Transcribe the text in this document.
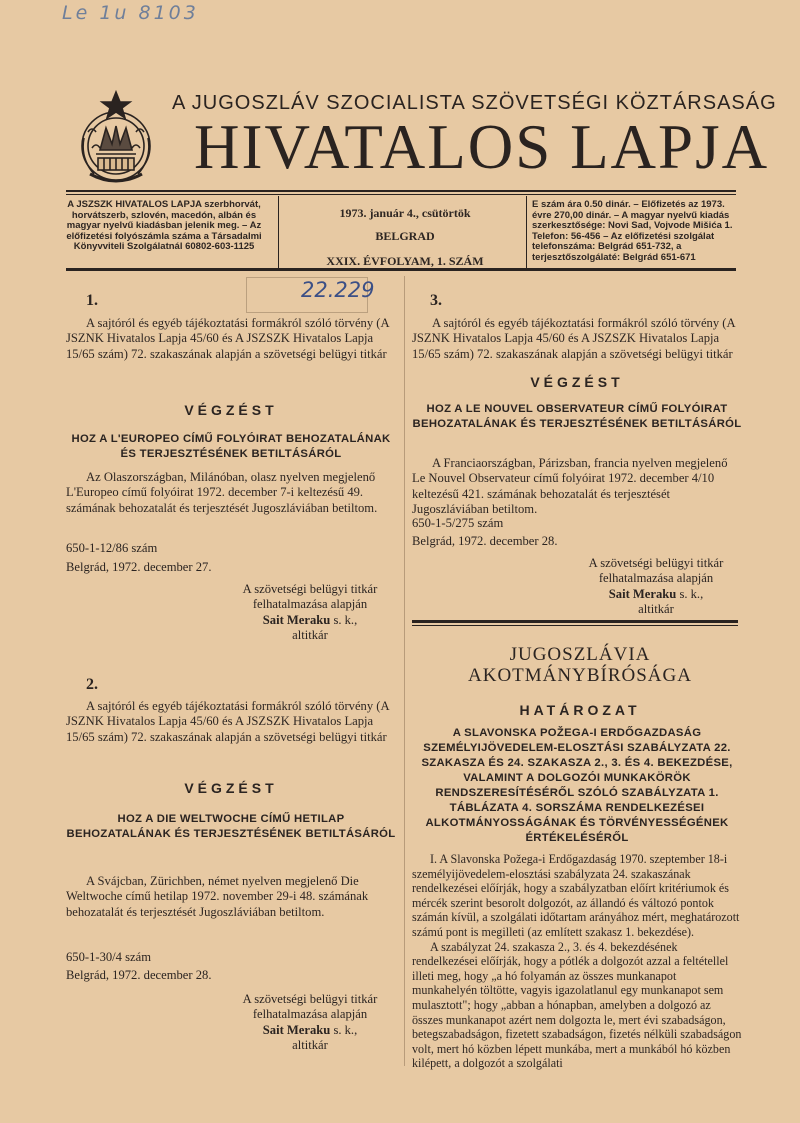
Le 1u 8103
A JUGOSZLÁV SZOCIALISTA SZÖVETSÉGI KÖZTÁRSASÁG
HIVATALOS LAPJA
A JSZSZK HIVATALOS LAPJA szerbhorvát, horvátszerb, szlovén, macedón, albán és magyar nyelvű kiadásban jelenik meg. – Az előfizetési folyószámla száma a Társadalmi Könyvviteli Szolgálatnál 60802-603-1125
1973. január 4., csütörtök
BELGRAD
XXIX. ÉVFOLYAM, 1. SZÁM
E szám ára 0.50 dinár. – Előfizetés az 1973. évre 270,00 dinár. – A magyar nyelvű kiadás szerkesztősége: Novi Sad, Vojvode Mišića 1. Telefon: 56-456 – Az előfizetési szolgálat telefonszáma: Belgrád 651-732, a terjesztőszolgálaté: Belgrád 651-671
22.229
1.
A sajtóról és egyéb tájékoztatási formákról szóló törvény (A JSZNK Hivatalos Lapja 45/60 és A JSZSZK Hivatalos Lapja 15/65 szám) 72. szakaszának alapján a szövetségi belügyi titkár
VÉGZÉST
HOZ A L'EUROPEO CÍMŰ FOLYÓIRAT BEHOZATALÁNAK ÉS TERJESZTÉSÉNEK BETILTÁSÁRÓL
Az Olaszországban, Milánóban, olasz nyelven megjelenő L'Europeo című folyóirat 1972. december 7-i keltezésű 49. számának behozatalát és terjesztését Jugoszláviában betiltom.
650-1-12/86 szám
Belgrád, 1972. december 27.
A szövetségi belügyi titkár
felhatalmazása alapján
Sait Meraku s. k.,
altitkár
2.
A sajtóról és egyéb tájékoztatási formákról szóló törvény (A JSZNK Hivatalos Lapja 45/60 és A JSZSZK Hivatalos Lapja 15/65 szám) 72. szakaszának alapján a szövetségi belügyi titkár
VÉGZÉST
HOZ A DIE WELTWOCHE CÍMŰ HETILAP BEHOZATALÁNAK ÉS TERJESZTÉSÉNEK BETILTÁSÁRÓL
A Svájcban, Zürichben, német nyelven megjelenő Die Weltwoche című hetilap 1972. november 29-i 48. számának behozatalát és terjesztését Jugoszláviában betiltom.
650-1-30/4 szám
Belgrád, 1972. december 28.
A szövetségi belügyi titkár
felhatalmazása alapján
Sait Meraku s. k.,
altitkár
3.
A sajtóról és egyéb tájékoztatási formákról szóló törvény (A JSZNK Hivatalos Lapja 45/60 és A JSZSZK Hivatalos Lapja 15/65 szám) 72. szakaszának alapján a szövetségi belügyi titkár
VÉGZÉST
HOZ A LE NOUVEL OBSERVATEUR CÍMŰ FOLYÓIRAT BEHOZATALÁNAK ÉS TERJESZTÉSÉNEK BETILTÁSÁRÓL
A Franciaországban, Párizsban, francia nyelven megjelenő Le Nouvel Observateur című folyóirat 1972. december 4/10 keltezésű 421. számának behozatalát és terjesztését Jugoszláviában betiltom.
650-1-5/275 szám
Belgrád, 1972. december 28.
A szövetségi belügyi titkár
felhatalmazása alapján
Sait Meraku s. k.,
altitkár
JUGOSZLÁVIA
AKOTMÁNYBÍRÓSÁGA
HATÁROZAT
A SLAVONSKA POŽEGA-I ERDŐGAZDASÁG SZEMÉLYIJÖVEDELEM-ELOSZTÁSI SZABÁLYZATA 22. SZAKASZA ÉS 24. SZAKASZA 2., 3. ÉS 4. BEKEZDÉSE, VALAMINT A DOLGOZÓI MUNKAKÖRÖK RENDSZERESÍTÉSÉRŐL SZÓLÓ SZABÁLYZATA 1. TÁBLÁZATA 4. SORSZÁMA RENDELKEZÉSEI ALKOTMÁNYOSSÁGÁNAK ÉS TÖRVÉNYESSÉGÉNEK ÉRTÉKELÉSÉRŐL

I. A Slavonska Požega-i Erdőgazdaság 1970. szeptember 18-i személyijövedelem-elosztási szabályzata 24. szakaszának rendelkezései előírják, hogy a szabályzatban előírt kritériumok és mércék szerint besorolt dolgozót, az állandó és változó pontok számán kívül, a szolgálati időtartam arányához mért, meghatározott számú pont is megilleti (az említett szakasz 1. bekezdése).

A szabályzat 24. szakasza 2., 3. és 4. bekezdésének rendelkezései előírják, hogy a pótlék a dolgozót azzal a feltétellel illeti meg, hogy „a hó folyamán az összes munkanapot munkahelyén töltötte, vagyis igazolatlanul egy munkanapot sem mulasztott"; hogy „abban a hónapban, amelyben a dolgozó az összes munkanapot azért nem dolgozta le, mert évi szabadságon, betegszabadságon, fizetett szabadságon, fizetés nélküli szabadságon volt, mert hó közben lépett munkába, mert a munkából hó közben kilépett, a dolgozót a szolgálati
